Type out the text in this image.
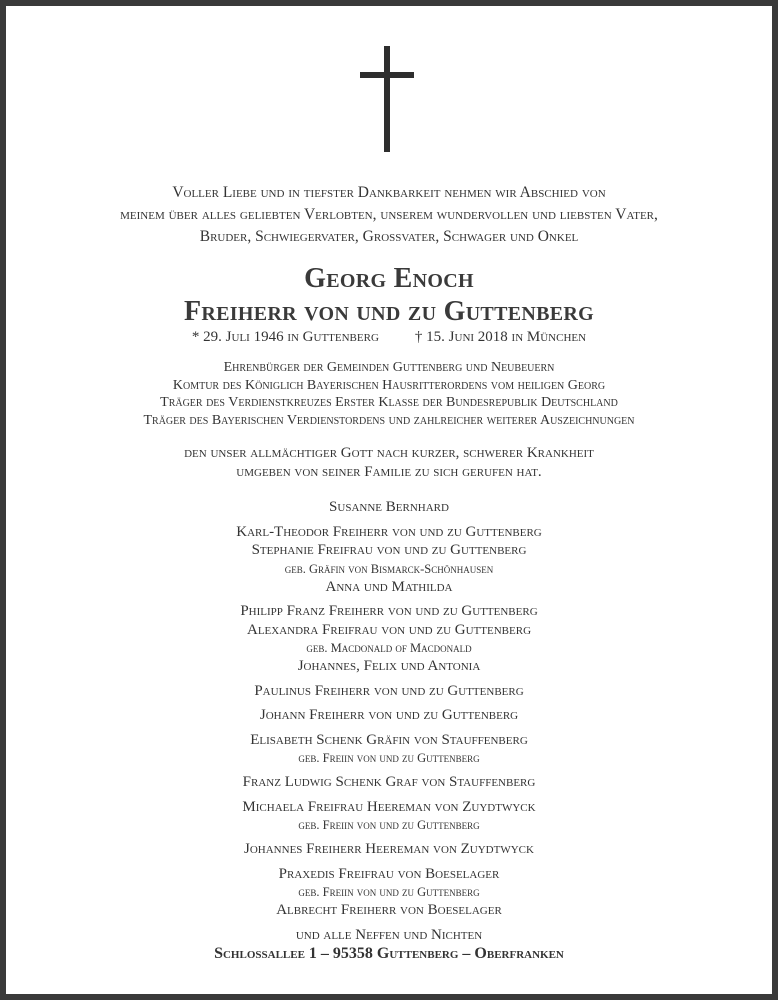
Voller Liebe und in tiefster Dankbarkeit nehmen wir Abschied von
meinem über alles geliebten Verlobten, unserem wundervollen und liebsten Vater,
Bruder, Schwiegervater, Grossvater, Schwager und Onkel
Georg Enoch
Freiherr von und zu Guttenberg
* 29. Juli 1946 in Guttenberg † 15. Juni 2018 in München
Ehrenbürger der Gemeinden Guttenberg und Neubeuern
Komtur des Königlich Bayerischen Hausritterordens vom heiligen Georg
Träger des Verdienstkreuzes Erster Klasse der Bundesrepublik Deutschland
Träger des Bayerischen Verdienstordens und zahlreicher weiterer Auszeichnungen
den unser allmächtiger Gott nach kurzer, schwerer Krankheit
umgeben von seiner Familie zu sich gerufen hat.
Susanne Bernhard
Karl-Theodor Freiherr von und zu Guttenberg
Stephanie Freifrau von und zu Guttenberg
geb. Gräfin von Bismarck-Schönhausen
Anna und Mathilda
Philipp Franz Freiherr von und zu Guttenberg
Alexandra Freifrau von und zu Guttenberg
geb. Macdonald of Macdonald
Johannes, Felix und Antonia
Paulinus Freiherr von und zu Guttenberg
Johann Freiherr von und zu Guttenberg
Elisabeth Schenk Gräfin von Stauffenberg
geb. Freiin von und zu Guttenberg
Franz Ludwig Schenk Graf von Stauffenberg
Michaela Freifrau Heereman von Zuydtwyck
geb. Freiin von und zu Guttenberg
Johannes Freiherr Heereman von Zuydtwyck
Praxedis Freifrau von Boeselager
geb. Freiin von und zu Guttenberg
Albrecht Freiherr von Boeselager
und alle Neffen und Nichten
Schlossallee 1 – 95358 Guttenberg – Oberfranken
